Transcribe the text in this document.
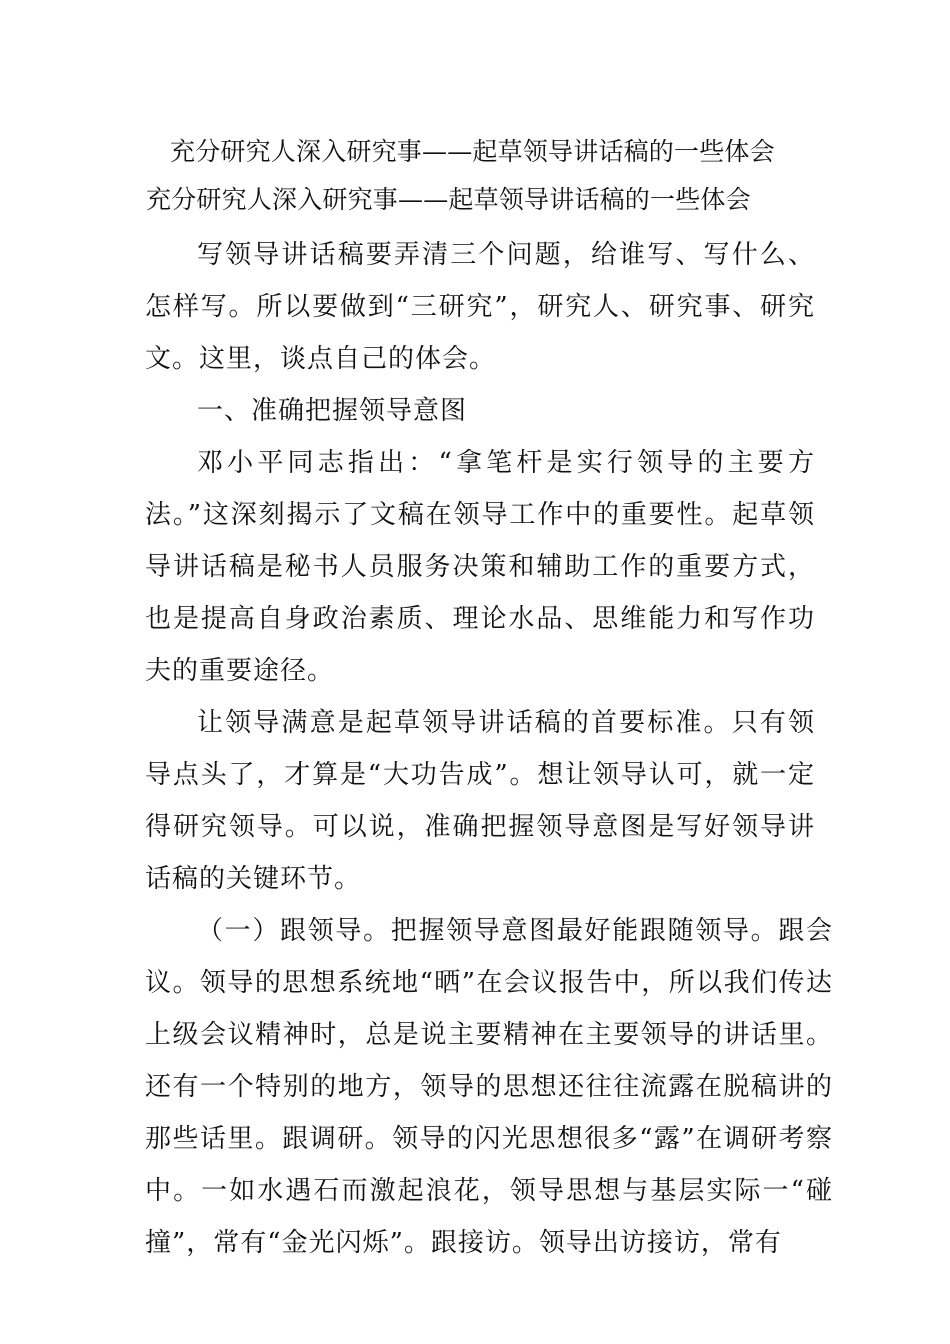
充分研究人深入研究事——起草领导讲话稿的一些体会
充分研究人深入研究事——起草领导讲话稿的一些体会

写领导讲话稿要弄清三个问题，给谁写、写什么、怎样写。所以要做到“三研究”，研究人、研究事、研究文。这里，谈点自己的体会。

一、准确把握领导意图

邓小平同志指出：“拿笔杆是实行领导的主要方法。”这深刻揭示了文稿在领导工作中的重要性。起草领导讲话稿是秘书人员服务决策和辅助工作的重要方式，也是提高自身政治素质、理论水品、思维能力和写作功夫的重要途径。

让领导满意是起草领导讲话稿的首要标准。只有领导点头了，才算是“大功告成”。想让领导认可，就一定得研究领导。可以说，准确把握领导意图是写好领导讲话稿的关键环节。

（一）跟领导。把握领导意图最好能跟随领导。跟会议。领导的思想系统地“晒”在会议报告中，所以我们传达上级会议精神时，总是说主要精神在主要领导的讲话里。还有一个特别的地方，领导的思想还往往流露在脱稿讲的那些话里。跟调研。领导的闪光思想很多“露”在调研考察中。一如水遇石而激起浪花，领导思想与基层实际一“碰撞”，常有“金光闪烁”。跟接访。领导出访接访，常有
